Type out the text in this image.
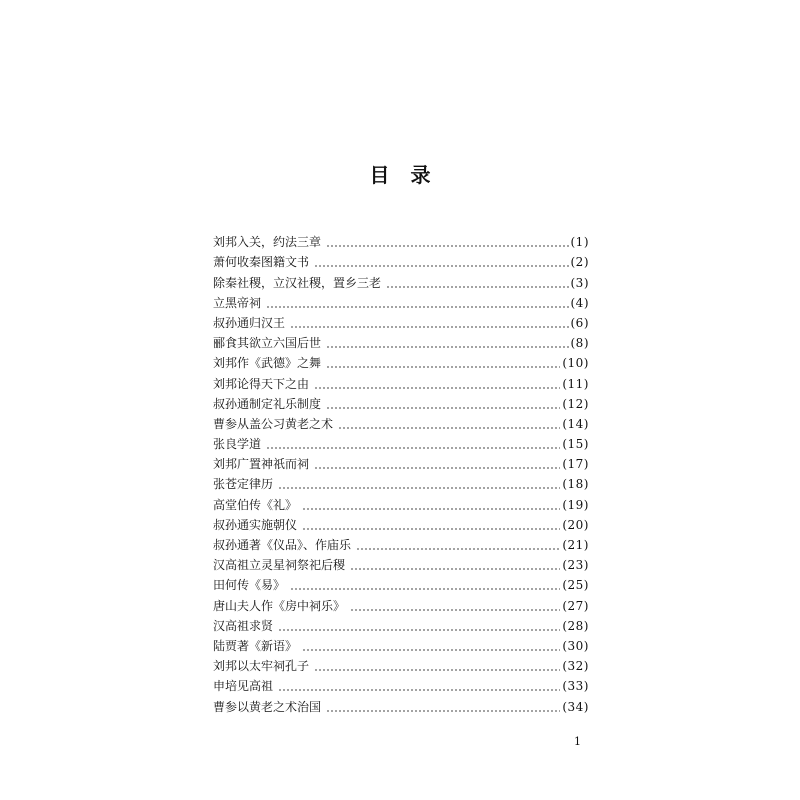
目 录
刘邦入关，约法三章	(1)
萧何收秦图籍文书	(2)
除秦社稷，立汉社稷，置乡三老	(3)
立黑帝祠	(4)
叔孙通归汉王	(6)
郦食其欲立六国后世	(8)
刘邦作《武德》之舞	(10)
刘邦论得天下之由	(11)
叔孙通制定礼乐制度	(12)
曹参从盖公习黄老之术	(14)
张良学道	(15)
刘邦广置神祇而祠	(17)
张苍定律历	(18)
高堂伯传《礼》	(19)
叔孙通实施朝仪	(20)
叔孙通著《仪品》、作庙乐	(21)
汉高祖立灵星祠祭祀后稷	(23)
田何传《易》	(25)
唐山夫人作《房中祠乐》	(27)
汉高祖求贤	(28)
陆贾著《新语》	(30)
刘邦以太牢祠孔子	(32)
申培见高祖	(33)
曹参以黄老之术治国	(34)
1
